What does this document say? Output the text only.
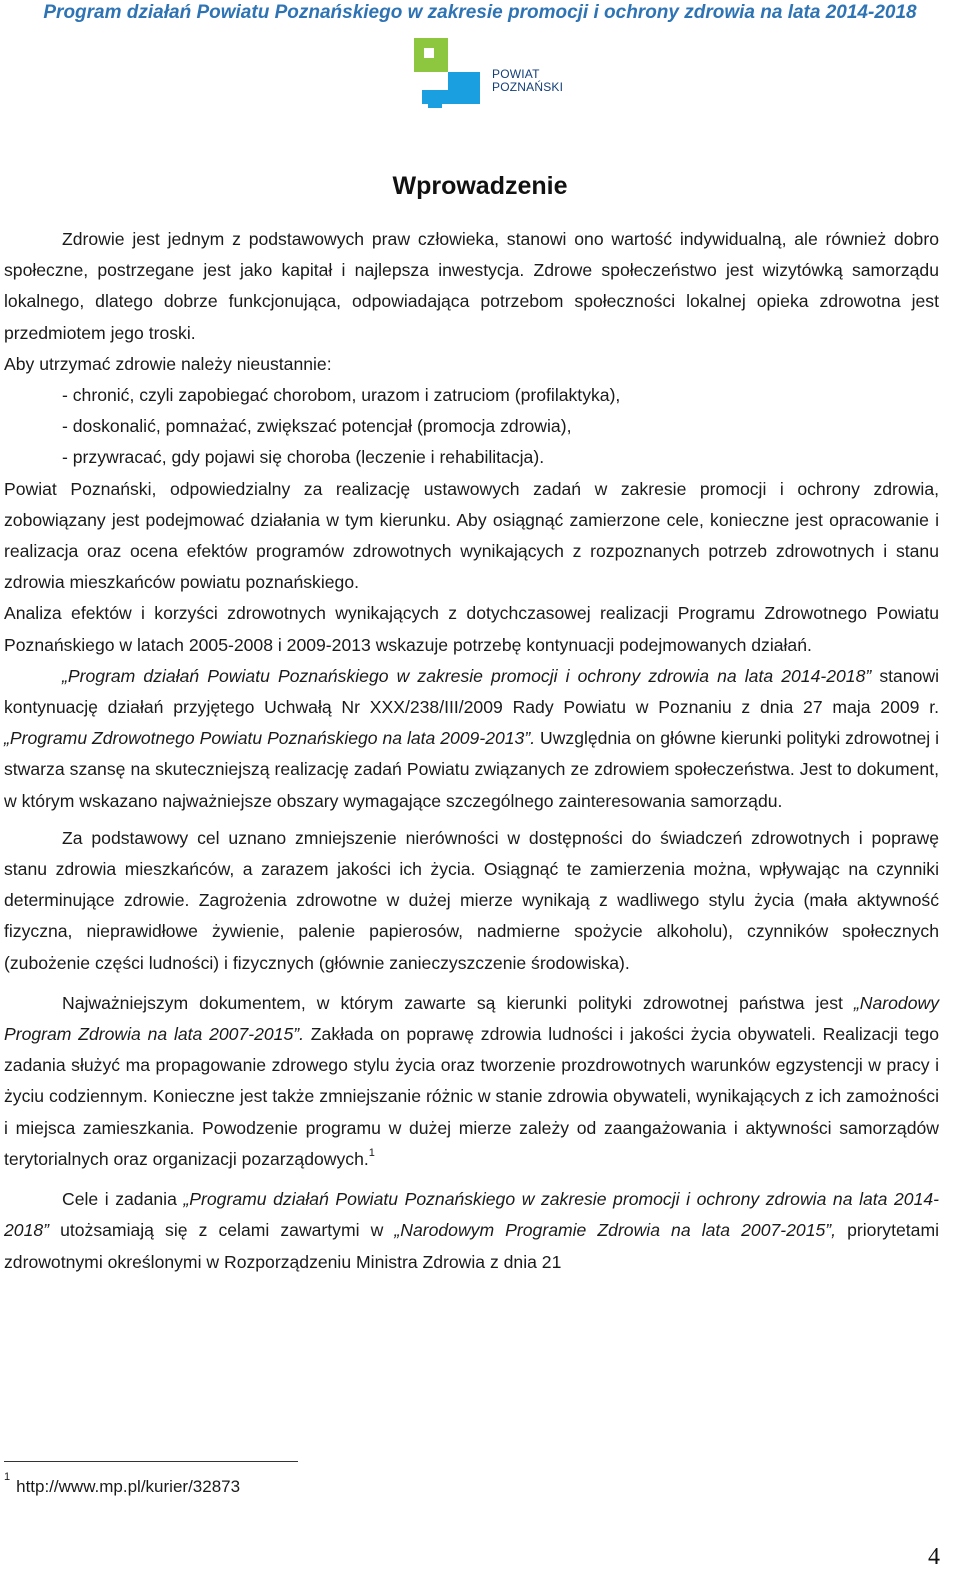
Program działań Powiatu Poznańskiego w zakresie promocji i ochrony zdrowia na lata 2014-2018
POWIAT
POZNAŃSKI
Wprowadzenie

Zdrowie jest jednym z podstawowych praw człowieka, stanowi ono wartość indywidualną, ale również dobro społeczne, postrzegane jest jako kapitał i najlepsza inwestycja. Zdrowe społeczeństwo jest wizytówką samorządu lokalnego, dlatego dobrze funkcjonująca, odpowiadająca potrzebom społeczności lokalnej opieka zdrowotna jest przedmiotem jego troski.

Aby utrzymać zdrowie należy nieustannie:

- chronić, czyli zapobiegać chorobom, urazom i zatruciom (profilaktyka),

- doskonalić, pomnażać, zwiększać potencjał (promocja zdrowia),

- przywracać, gdy pojawi się choroba (leczenie i rehabilitacja).

Powiat Poznański, odpowiedzialny za realizację ustawowych zadań w zakresie promocji i ochrony zdrowia, zobowiązany jest podejmować działania w tym kierunku. Aby osiągnąć zamierzone cele, konieczne jest opracowanie i realizacja oraz ocena efektów programów zdrowotnych wynikających z rozpoznanych potrzeb zdrowotnych i stanu zdrowia mieszkańców powiatu poznańskiego.

Analiza efektów i korzyści zdrowotnych wynikających z dotychczasowej realizacji Programu Zdrowotnego Powiatu Poznańskiego w latach 2005-2008 i 2009-2013 wskazuje potrzebę kontynuacji podejmowanych działań.

„Program działań Powiatu Poznańskiego w zakresie promocji i ochrony zdrowia na lata 2014-2018” stanowi kontynuację działań przyjętego Uchwałą Nr XXX/238/III/2009 Rady Powiatu w Poznaniu z dnia 27 maja 2009 r. „Programu Zdrowotnego Powiatu Poznańskiego na lata 2009-2013”. Uwzględnia on główne kierunki polityki zdrowotnej i stwarza szansę na skuteczniejszą realizację zadań Powiatu związanych ze zdrowiem społeczeństwa. Jest to dokument, w którym wskazano najważniejsze obszary wymagające szczególnego zainteresowania samorządu.

Za podstawowy cel uznano zmniejszenie nierówności w dostępności do świadczeń zdrowotnych i poprawę stanu zdrowia mieszkańców, a zarazem jakości ich życia. Osiągnąć te zamierzenia można, wpływając na czynniki determinujące zdrowie. Zagrożenia zdrowotne w dużej mierze wynikają z wadliwego stylu życia (mała aktywność fizyczna, nieprawidłowe żywienie, palenie papierosów, nadmierne spożycie alkoholu), czynników społecznych (zubożenie części ludności) i fizycznych (głównie zanieczyszczenie środowiska).

Najważniejszym dokumentem, w którym zawarte są kierunki polityki zdrowotnej państwa jest „Narodowy Program Zdrowia na lata 2007-2015”. Zakłada on poprawę zdrowia ludności i jakości życia obywateli. Realizacji tego zadania służyć ma propagowanie zdrowego stylu życia oraz tworzenie prozdrowotnych warunków egzystencji w pracy i życiu codziennym. Konieczne jest także zmniejszanie różnic w stanie zdrowia obywateli, wynikających z ich zamożności i miejsca zamieszkania. Powodzenie programu w dużej mierze zależy od zaangażowania i aktywności samorządów terytorialnych oraz organizacji pozarządowych.$^1$

Cele i zadania „Programu działań Powiatu Poznańskiego w zakresie promocji i ochrony zdrowia na lata 2014-2018” utożsamiają się z celami zawartymi w „Narodowym Programie Zdrowia na lata 2007-2015”, priorytetami zdrowotnymi określonymi w Rozporządzeniu Ministra Zdrowia z dnia 21

$^1$ http://www.mp.pl/kurier/32873
4
